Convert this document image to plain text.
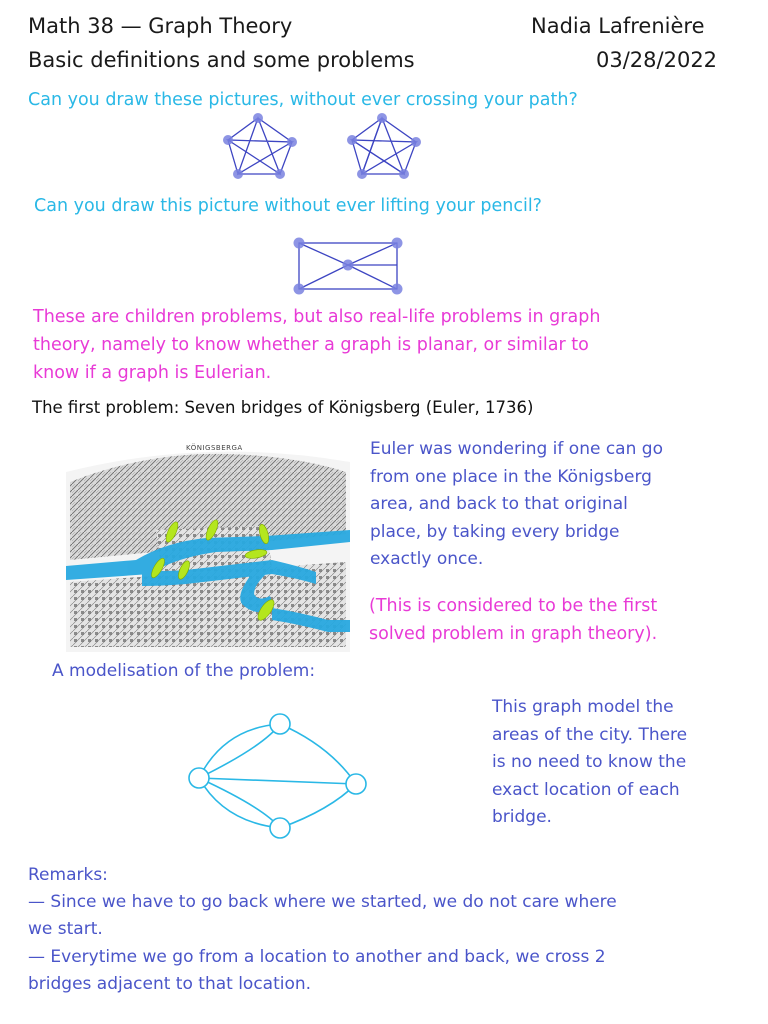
Math 38 — Graph Theory

Basic definitions and some problems

Nadia Lafrenière

03/28/2022

Can you draw these pictures, without ever crossing your path?

Can you draw this picture without ever lifting your pencil?

These are children problems, but also real-life problems in graph

theory, namely to know whether a graph is planar, or similar to

know if a graph is Eulerian.

The first problem: Seven bridges of Königsberg (Euler, 1736)

KÖNIGSBERGA	Euler was wondering if one can go

from one place in the Königsberg

area, and back to that original

place, by taking every bridge

exactly once.

(This is considered to be the first

solved problem in graph theory).

A modelisation of the problem:

This graph model the

areas of the city. There

is no need to know the

exact location of each

bridge.

Remarks:

— Since we have to go back where we started, we do not care where

we start.

— Everytime we go from a location to another and back, we cross 2

bridges adjacent to that location.
